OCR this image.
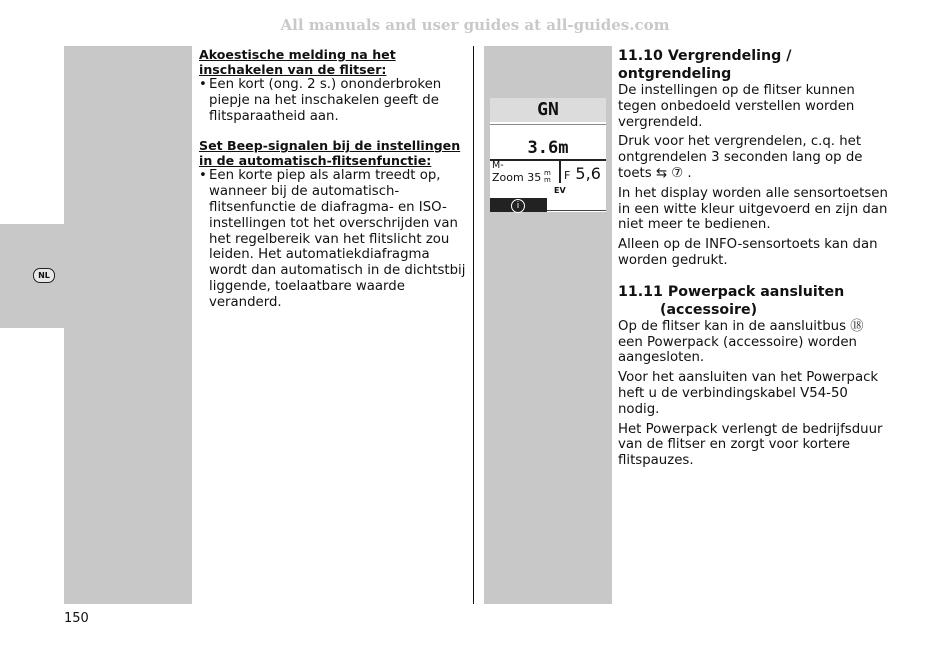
All manuals and user guides at all-guides.com
NL

Akoestische melding na het inschakelen van de flitser:

• Een kort (ong. 2 s.) ononderbroken piepje na het inschakelen geeft de flitsparaatheid aan.

Set Beep-signalen bij de instellingen in de automatisch-flitsenfunctie:

• Een korte piep als alarm treedt op, wanneer bij de automatisch-flitsenfunctie de diafragma- en ISO-instellingen tot het overschrijden van het regelbereik van het flitslicht zou leiden. Het automatiekdiafragma wordt dan automatisch in de dichtstbij liggende, toelaatbare waarde veranderd.
GN
3.6m
M-
Zoom 35 m
m F 5,6
EV
i

11.10 Vergrendeling / ontgrendeling

De instellingen op de flitser kunnen tegen onbedoeld verstellen worden vergrendeld.

Druk voor het vergrendelen, c.q. het ontgrendelen 3 seconden lang op de toets ⇆ ⑦ .

In het display worden alle sensortoetsen in een witte kleur uitgevoerd en zijn dan niet meer te bedienen.

Alleen op de INFO-sensortoets kan dan worden gedrukt.

11.11 Powerpack aansluiten
(accessoire)

Op de flitser kan in de aansluitbus ⑱ een Powerpack (accessoire) worden aangesloten.

Voor het aansluiten van het Powerpack heft u de verbindingskabel V54-50 nodig.

Het Powerpack verlengt de bedrijfsduur van de flitser en zorgt voor kortere flitspauzes.

150
